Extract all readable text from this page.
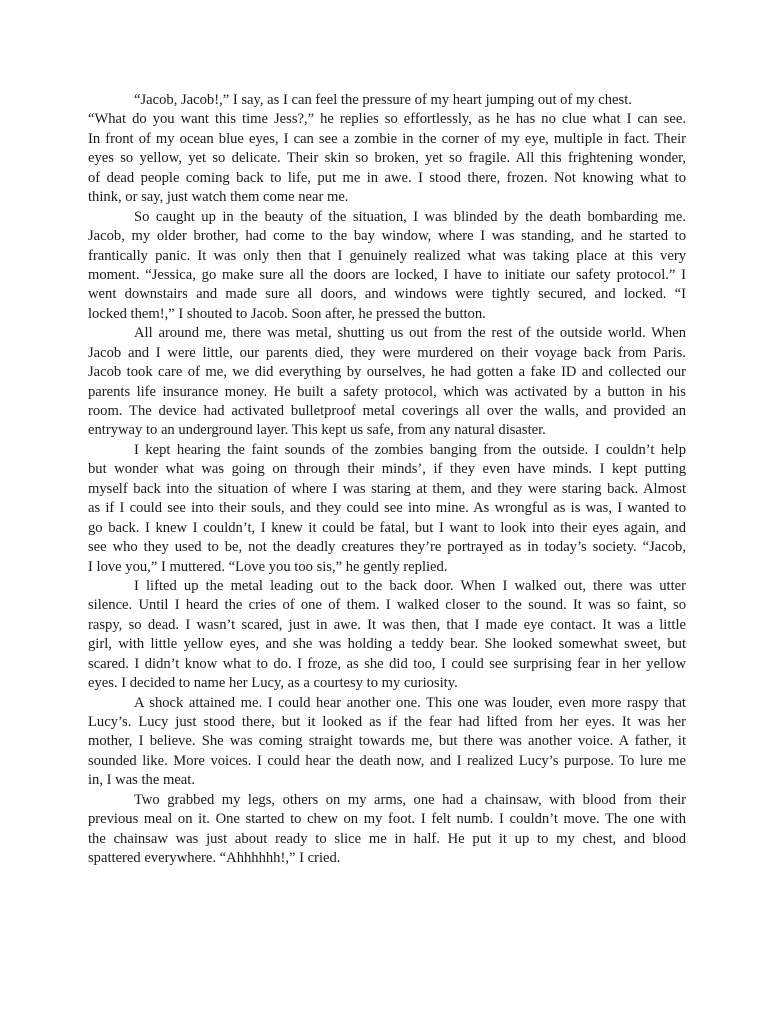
“Jacob, Jacob!,” I say, as I can feel the pressure of my heart jumping out of my chest.
“What do you want this time Jess?,” he replies so effortlessly, as he has no clue what I can see.
In front of my ocean blue eyes, I can see a zombie in the corner of my eye, multiple in fact. Their
eyes so yellow, yet so delicate. Their skin so broken, yet so fragile. All this frightening wonder,
of dead people coming back to life, put me in awe. I stood there, frozen. Not knowing what to
think, or say, just watch them come near me.
So caught up in the beauty of the situation, I was blinded by the death bombarding me.
Jacob, my older brother, had come to the bay window, where I was standing, and he started to
frantically panic. It was only then that I genuinely realized what was taking place at this very
moment. “Jessica, go make sure all the doors are locked, I have to initiate our safety protocol.” I
went downstairs and made sure all doors, and windows were tightly secured, and locked. “I
locked them!,” I shouted to Jacob. Soon after, he pressed the button.
All around me, there was metal, shutting us out from the rest of the outside world. When
Jacob and I were little, our parents died, they were murdered on their voyage back from Paris.
Jacob took care of me, we did everything by ourselves, he had gotten a fake ID and collected our
parents life insurance money. He built a safety protocol, which was activated by a button in his
room. The device had activated bulletproof metal coverings all over the walls, and provided an
entryway to an underground layer. This kept us safe, from any natural disaster.
I kept hearing the faint sounds of the zombies banging from the outside. I couldn’t help
but wonder what was going on through their minds’, if they even have minds. I kept putting
myself back into the situation of where I was staring at them, and they were staring back. Almost
as if I could see into their souls, and they could see into mine. As wrongful as is was, I wanted to
go back. I knew I couldn’t, I knew it could be fatal, but I want to look into their eyes again, and
see who they used to be, not the deadly creatures they’re portrayed as in today’s society. “Jacob,
I love you,” I muttered. “Love you too sis,” he gently replied.
I lifted up the metal leading out to the back door. When I walked out, there was utter
silence. Until I heard the cries of one of them. I walked closer to the sound. It was so faint, so
raspy, so dead. I wasn’t scared, just in awe. It was then, that I made eye contact. It was a little
girl, with little yellow eyes, and she was holding a teddy bear. She looked somewhat sweet, but
scared. I didn’t know what to do. I froze, as she did too, I could see surprising fear in her yellow
eyes. I decided to name her Lucy, as a courtesy to my curiosity.
A shock attained me. I could hear another one. This one was louder, even more raspy that
Lucy’s. Lucy just stood there, but it looked as if the fear had lifted from her eyes. It was her
mother, I believe. She was coming straight towards me, but there was another voice. A father, it
sounded like. More voices. I could hear the death now, and I realized Lucy’s purpose. To lure me
in, I was the meat.
Two grabbed my legs, others on my arms, one had a chainsaw, with blood from their
previous meal on it. One started to chew on my foot. I felt numb. I couldn’t move. The one with
the chainsaw was just about ready to slice me in half. He put it up to my chest, and blood
spattered everywhere. “Ahhhhhh!,” I cried.
